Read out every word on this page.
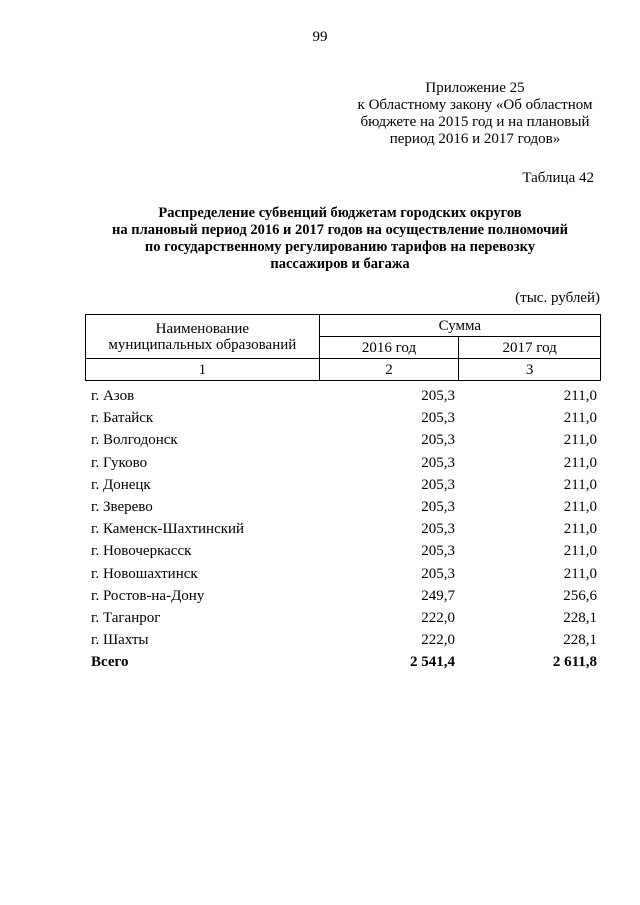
99
Приложение 25
к Областному закону «Об областном
бюджете на 2015 год и на плановый
период 2016 и 2017 годов»
Таблица 42
Распределение субвенций бюджетам городских округов
на плановый период 2016 и 2017 годов на осуществление полномочий
по государственному регулированию тарифов на перевозку
пассажиров и багажа
(тыс. рублей)
Наименование муниципальных образований	Сумма	
	2016 год	2017 год
1	2	3
г. Азов	205,3	211,0
г. Батайск	205,3	211,0
г. Волгодонск	205,3	211,0
г. Гуково	205,3	211,0
г. Донецк	205,3	211,0
г. Зверево	205,3	211,0
г. Каменск-Шахтинский	205,3	211,0
г. Новочеркасск	205,3	211,0
г. Новошахтинск	205,3	211,0
г. Ростов-на-Дону	249,7	256,6
г. Таганрог	222,0	228,1
г. Шахты	222,0	228,1
Всего	2 541,4	2 611,8
